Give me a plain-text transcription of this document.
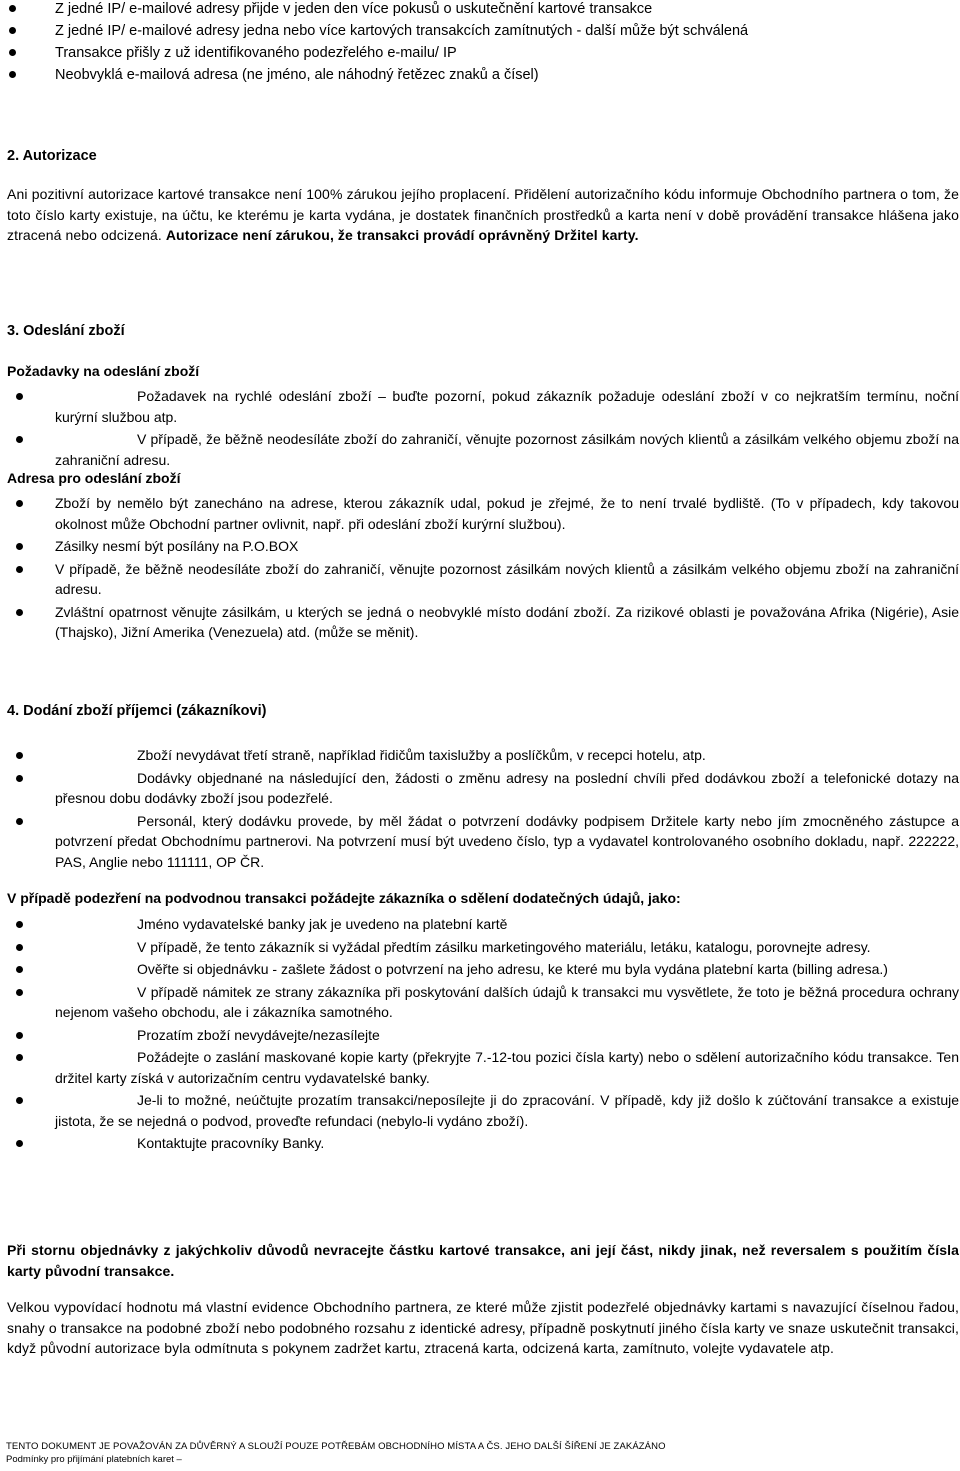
Z jedné IP/ e-mailové adresy přijde v jeden den více pokusů o uskutečnění kartové transakce
Z jedné IP/ e-mailové adresy jedna nebo více kartových transakcích zamítnutých - další může být schválená
Transakce přišly z už identifikovaného podezřelého e-mailu/ IP
Neobvyklá e-mailová adresa (ne jméno, ale náhodný řetězec znaků a čísel)
2. Autorizace
Ani pozitivní autorizace kartové transakce není 100% zárukou jejího proplacení. Přidělení autorizačního kódu informuje Obchodního partnera o tom, že toto číslo karty existuje, na účtu, ke kterému je karta vydána, je dostatek finančních prostředků a karta není v době provádění transakce hlášena jako ztracená nebo odcizená. Autorizace není zárukou, že transakci provádí oprávněný Držitel karty.
3. Odeslání zboží
Požadavky na odeslání zboží
Požadavek na rychlé odeslání zboží – buďte pozorní, pokud zákazník požaduje odeslání zboží v co nejkratším termínu, noční kurýrní službou atp.
V případě, že běžně neodesíláte zboží do zahraničí, věnujte pozornost zásilkám nových klientů a zásilkám velkého objemu zboží na zahraniční adresu.
Adresa pro odeslání zboží
Zboží by nemělo být zanecháno na adrese, kterou zákazník udal, pokud je zřejmé, že to není trvalé bydliště. (To v případech, kdy takovou okolnost může Obchodní partner ovlivnit, např. při odeslání zboží kurýrní službou).
Zásilky nesmí být posílány na P.O.BOX
V případě, že běžně neodesíláte zboží do zahraničí, věnujte pozornost zásilkám nových klientů a zásilkám velkého objemu zboží na zahraniční adresu.
Zvláštní opatrnost věnujte zásilkám, u kterých se jedná o neobvyklé místo dodání zboží. Za rizikové oblasti je považována Afrika (Nigérie), Asie (Thajsko), Jižní Amerika (Venezuela) atd. (může se měnit).
4. Dodání zboží příjemci (zákazníkovi)
Zboží nevydávat třetí straně, například řidičům taxislužby a poslíčkům, v recepci hotelu, atp.
Dodávky objednané na následující den, žádosti o změnu adresy na poslední chvíli před dodávkou zboží a telefonické dotazy na přesnou dobu dodávky zboží jsou podezřelé.
Personál, který dodávku provede, by měl žádat o potvrzení dodávky podpisem Držitele karty nebo jím zmocněného zástupce a potvrzení předat Obchodnímu partnerovi. Na potvrzení musí být uvedeno číslo, typ a vydavatel kontrolovaného osobního dokladu, např. 222222, PAS, Anglie nebo 111111, OP ČR.
V případě podezření na podvodnou transakci požádejte zákazníka o sdělení dodatečných údajů, jako:
Jméno vydavatelské banky jak je uvedeno na platební kartě
V případě, že tento zákazník si vyžádal předtím zásilku marketingového materiálu, letáku, katalogu, porovnejte adresy.
Ověřte si objednávku - zašlete žádost o potvrzení na jeho adresu, ke které mu byla vydána platební karta (billing adresa.)
V případě námitek ze strany zákazníka při poskytování dalších údajů k transakci mu vysvětlete, že toto je běžná procedura ochrany nejenom vašeho obchodu, ale i zákazníka samotného.
Prozatím zboží nevydávejte/nezasílejte
Požádejte o zaslání maskované kopie karty (překryjte 7.-12-tou pozici čísla karty) nebo o sdělení autorizačního kódu transakce. Ten držitel karty získá v autorizačním centru vydavatelské banky.
Je-li to možné, neúčtujte prozatím transakci/neposílejte ji do zpracování. V případě, kdy již došlo k zúčtování transakce a existuje jistota, že se nejedná o podvod, proveďte refundaci (nebylo-li vydáno zboží).
Kontaktujte pracovníky Banky.
Při stornu objednávky z jakýchkoliv důvodů nevracejte částku kartové transakce, ani její část, nikdy jinak, než reversalem s použitím čísla karty původní transakce.
Velkou vypovídací hodnotu má vlastní evidence Obchodního partnera, ze které může zjistit podezřelé objednávky kartami s navazující číselnou řadou, snahy o transakce na podobné zboží nebo podobného rozsahu z identické adresy, případně poskytnutí jiného čísla karty ve snaze uskutečnit transakci, když původní autorizace byla odmítnuta s pokynem zadržet kartu, ztracená karta, odcizená karta, zamítnuto, volejte vydavatele atp.
TENTO DOKUMENT JE POVAŽOVÁN ZA DŮVĚRNÝ A SLOUŽÍ POUZE POTŘEBÁM OBCHODNÍHO MÍSTA A ČS. JEHO DALŠÍ ŠÍŘENÍ JE ZAKÁZÁNO
Podmínky pro přijímání platebních karet –
